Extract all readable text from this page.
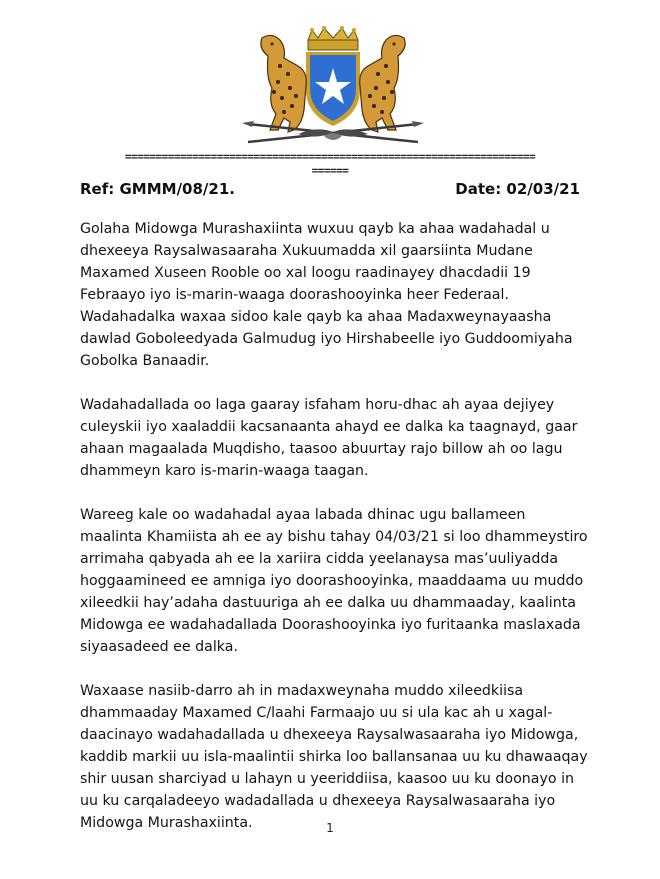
===================================================================
======
Ref: GMMM/08/21.	Date: 02/03/21

Golaha Midowga Murashaxiinta wuxuu qayb ka ahaa wadahadal u dhexeeya Raysalwasaaraha Xukuumadda xil gaarsiinta Mudane Maxamed Xuseen Rooble oo xal loogu raadinayey dhacdadii 19 Febraayo iyo is-marin-waaga doorashooyinka heer Federaal. Wadahadalka waxaa sidoo kale qayb ka ahaa Madaxweynayaasha dawlad Goboleedyada Galmudug iyo Hirshabeelle iyo Guddoomiyaha Gobolka Banaadir.

Wadahadallada oo laga gaaray isfaham horu-dhac ah ayaa dejiyey culeyskii iyo xaaladdii kacsanaanta ahayd ee dalka ka taagnayd, gaar ahaan magaalada Muqdisho, taasoo abuurtay rajo billow ah oo lagu dhammeyn karo is-marin-waaga taagan.

Wareeg kale oo wadahadal ayaa labada dhinac ugu ballameen maalinta Khamiista ah ee ay bishu tahay 04/03/21 si loo dhammeystiro arrimaha qabyada ah ee la xariira cidda yeelanaysa mas’uuliyadda hoggaamineed ee amniga iyo doorashooyinka, maaddaama uu muddo xileedkii hay’adaha dastuuriga ah ee dalka uu dhammaaday, kaalinta Midowga ee wadahadallada Doorashooyinka iyo furitaanka maslaxada siyaasadeed ee dalka.

Waxaase nasiib-darro ah in madaxweynaha muddo xileedkiisa dhammaaday Maxamed C/laahi Farmaajo uu si ula kac ah u xagal-daacinayo wadahadallada u dhexeeya Raysalwasaaraha iyo Midowga, kaddib markii uu isla-maalintii shirka loo ballansanaa uu ku dhawaaqay shir uusan sharciyad u lahayn u yeeriddiisa, kaasoo uu ku doonayo in uu ku carqaladeeyo wadadallada u dhexeeya Raysalwasaaraha iyo Midowga Murashaxiinta.	1
